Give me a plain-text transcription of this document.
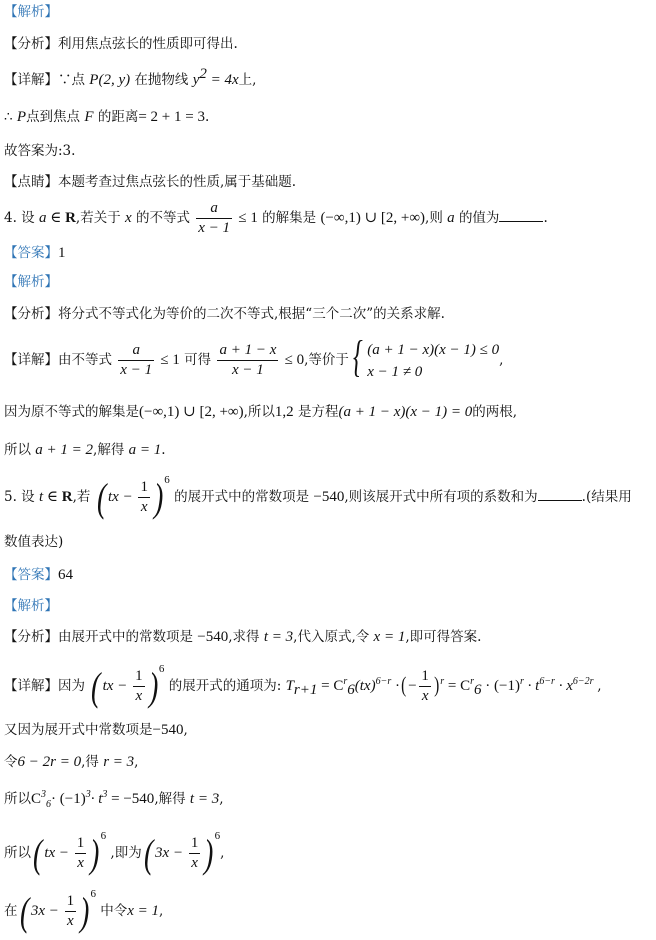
【解析】
【分析】利用焦点弦长的性质即可得出.
【详解】∵点 P(2, y) 在抛物线 $y^2 = 4x$上,
∴ P点到焦点 F 的距离= 2 + 1 = 3.
故答案为:3.
【点睛】本题考查过焦点弦长的性质,属于基础题.
4. 设 a ∈ R,若关于 x 的不等式 $\frac{a}{x - 1} \le 1$ 的解集是 (−∞,1) ∪ [2, +∞),则 a 的值为	.
【答案】1
【解析】
【分析】将分式不等式化为等价的二次不等式,根据“三个二次”的关系求解.
【详解】由不等式 $\frac{a}{x - 1} \le 1$ 可得 $\frac{a + 1 - x}{x - 1} \le 0$,等价于 { (a + 1 − x)(x − 1) ≤ 0
x − 1 ≠ 0
,
因为原不等式的解集是(−∞,1) ∪ [2, +∞),所以1,2 是方程(a + 1 − x)(x − 1) = 0的两根,
所以 a + 1 = 2,解得 a = 1.
5. 设 t ∈ R,若 ( tx − $\frac{1}{x} )^6$ 的展开式中的常数项是 −540,则该展开式中所有项的系数和为	.(结果用
数值表达)
【答案】64
【解析】
【分析】由展开式中的常数项是 −540,求得 t = 3,代入原式,令 x = 1,即可得答案.
【详解】因为 ( tx − $\frac{1}{x} )^6$ 的展开式的通项为: $T_{r+1} = C^r_6(tx)^{6-r}$ ·(− $\frac{1}{x} )^r = C^r_6 \cdot (-1)^r \cdot t^{6-r} \cdot x^{6-2r}$ ,
又因为展开式中常数项是−540,
令6 − 2r = 0,得 r = 3,
所以$C^3_6\cdot (-1)^3\cdot t^3 = -540$,解得 t = 3,
所以( tx − $\frac{1}{x} )^6$ ,即为( $3x - \frac{1}{x} )^6$,
在( $3x - \frac{1}{x} )^6$ 中令x = 1,
